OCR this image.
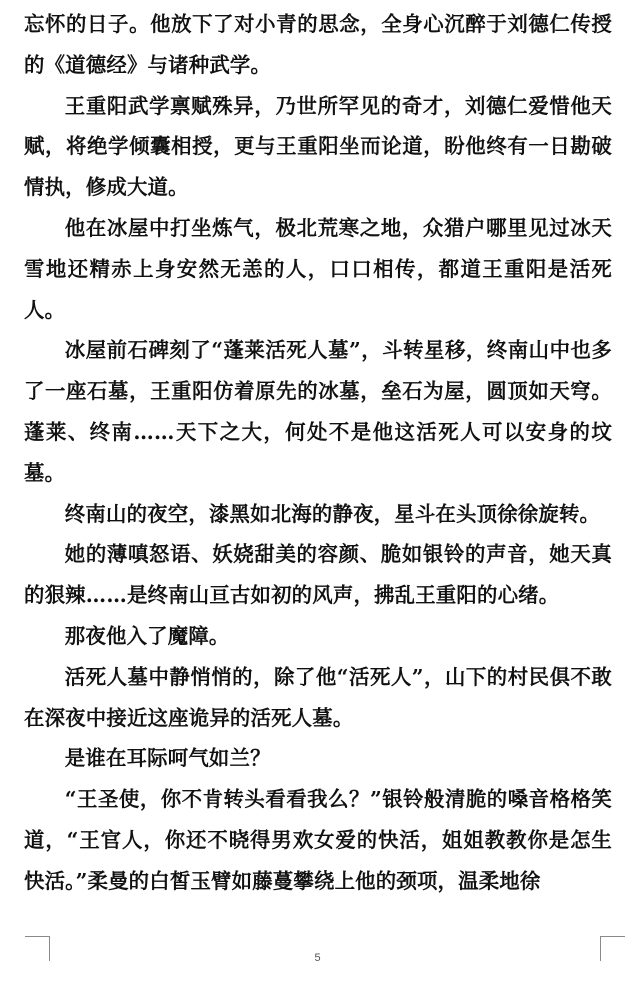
忘怀的日子。他放下了对小青的思念，全身心沉醉于刘德仁传授的《道德经》与诸种武学。

王重阳武学禀赋殊异，乃世所罕见的奇才，刘德仁爱惜他天赋，将绝学倾囊相授，更与王重阳坐而论道，盼他终有一日勘破情执，修成大道。

他在冰屋中打坐炼气，极北荒寒之地，众猎户哪里见过冰天雪地还精赤上身安然无恙的人，口口相传，都道王重阳是活死人。

冰屋前石碑刻了“蓬莱活死人墓”，斗转星移，终南山中也多了一座石墓，王重阳仿着原先的冰墓，垒石为屋，圆顶如天穹。蓬莱、终南……天下之大，何处不是他这活死人可以安身的坟墓。

终南山的夜空，漆黑如北海的静夜，星斗在头顶徐徐旋转。

她的薄嗔怒语、妖娆甜美的容颜、脆如银铃的声音，她天真的狠辣……是终南山亘古如初的风声，拂乱王重阳的心绪。

那夜他入了魔障。

活死人墓中静悄悄的，除了他“活死人”，山下的村民俱不敢在深夜中接近这座诡异的活死人墓。

是谁在耳际呵气如兰？

“王圣使，你不肯转头看看我么？”银铃般清脆的嗓音格格笑道，“王官人，你还不晓得男欢女爱的快活，姐姐教教你是怎生快活。”柔曼的白皙玉臂如藤蔓攀绕上他的颈项，温柔地徐

5
